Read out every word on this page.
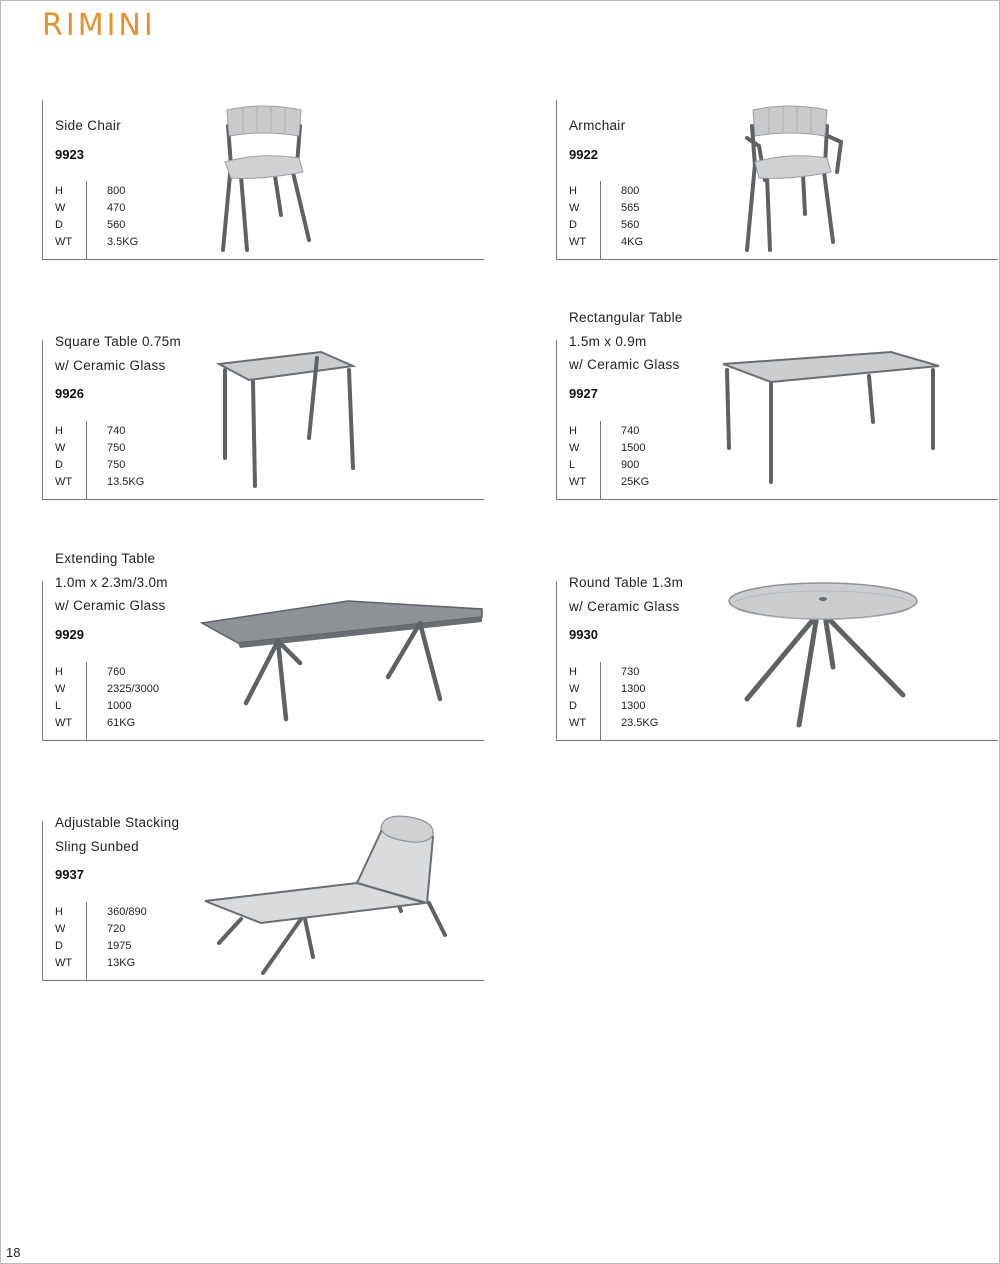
RIMINI
Side Chair
9923
H	800
W	470
D	560
WT	3.5KG
Armchair
9922
H	800
W	565
D	560
WT	4KG
Square Table 0.75m
w/ Ceramic Glass
9926
H	740
W	750
D	750
WT	13.5KG
Rectangular Table
1.5m x 0.9m
w/ Ceramic Glass
9927
H	740
W	1500
L	900
WT	25KG
Extending Table
1.0m x 2.3m/3.0m
w/ Ceramic Glass
9929
H	760
W	2325/3000
L	1000
WT	61KG
Round Table 1.3m
w/ Ceramic Glass
9930
H	730
W	1300
D	1300
WT	23.5KG
Adjustable Stacking
Sling Sunbed
9937
H	360/890
W	720
D	1975
WT	13KG
18
